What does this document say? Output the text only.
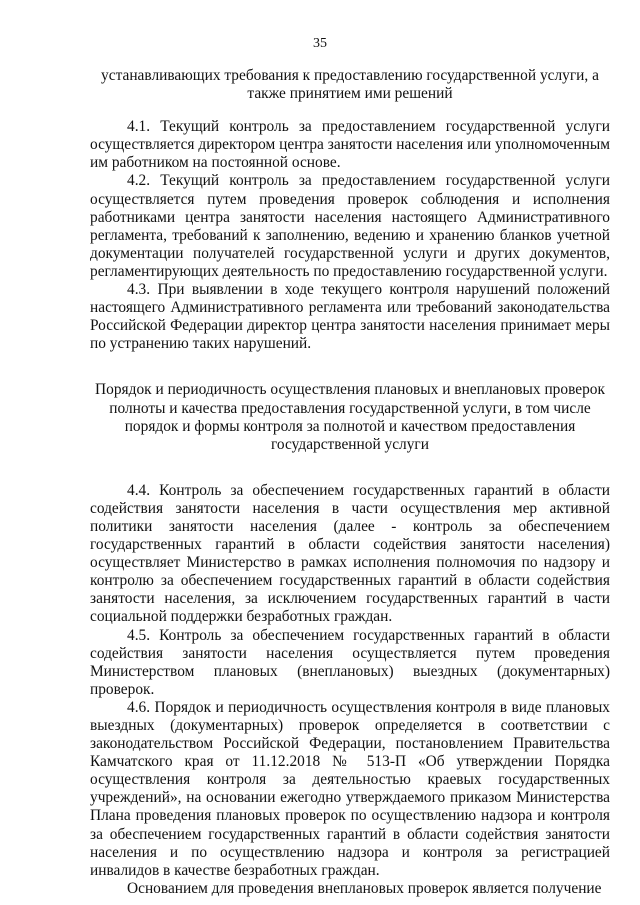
35

устанавливающих требования к предоставлению государственной услуги, а также принятием ими решений

4.1. Текущий контроль за предоставлением государственной услуги осуществляется директором центра занятости населения или уполномоченным им работником на постоянной основе.

4.2. Текущий контроль за предоставлением государственной услуги осуществляется путем проведения проверок соблюдения и исполнения работниками центра занятости населения настоящего Административного регламента, требований к заполнению, ведению и хранению бланков учетной документации получателей государственной услуги и других документов, регламентирующих деятельность по предоставлению государственной услуги.

4.3. При выявлении в ходе текущего контроля нарушений положений настоящего Административного регламента или требований законодательства Российской Федерации директор центра занятости населения принимает меры по устранению таких нарушений.

Порядок и периодичность осуществления плановых и внеплановых проверок полноты и качества предоставления государственной услуги, в том числе порядок и формы контроля за полнотой и качеством предоставления государственной услуги

4.4. Контроль за обеспечением государственных гарантий в области содействия занятости населения в части осуществления мер активной политики занятости населения (далее - контроль за обеспечением государственных гарантий в области содействия занятости населения) осуществляет Министерство в рамках исполнения полномочия по надзору и контролю за обеспечением государственных гарантий в области содействия занятости населения, за исключением государственных гарантий в части социальной поддержки безработных граждан.

4.5. Контроль за обеспечением государственных гарантий в области содействия занятости населения осуществляется путем проведения Министерством плановых (внеплановых) выездных (документарных) проверок.

4.6. Порядок и периодичность осуществления контроля в виде плановых выездных (документарных) проверок определяется в соответствии с законодательством Российской Федерации, постановлением Правительства Камчатского края от 11.12.2018 № 513-П «Об утверждении Порядка осуществления контроля за деятельностью краевых государственных учреждений», на основании ежегодно утверждаемого приказом Министерства Плана проведения плановых проверок по осуществлению надзора и контроля за обеспечением государственных гарантий в области содействия занятости населения и по осуществлению надзора и контроля за регистрацией инвалидов в качестве безработных граждан.

Основанием для проведения внеплановых проверок является получение
